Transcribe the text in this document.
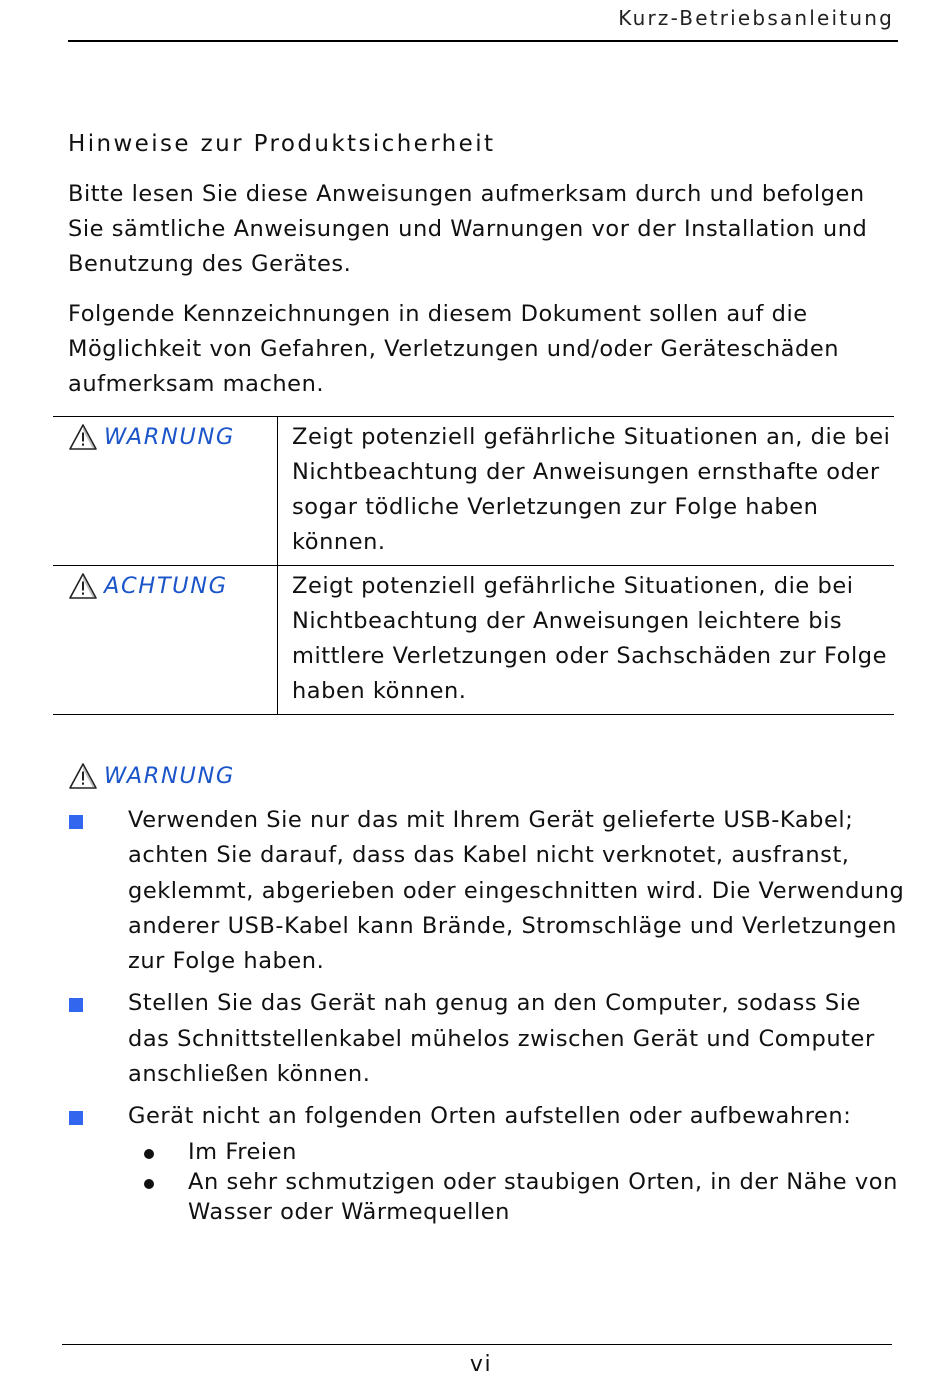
Kurz-Betriebsanleitung
Hinweise zur Produktsicherheit
Bitte lesen Sie diese Anweisungen aufmerksam durch und befolgen Sie sämtliche Anweisungen und Warnungen vor der Installation und Benutzung des Gerätes.
Folgende Kennzeichnungen in diesem Dokument sollen auf die Möglichkeit von Gefahren, Verletzungen und/oder Geräteschäden aufmerksam machen.
WARNUNG	Zeigt potenziell gefährliche Situationen an, die bei Nichtbeachtung der Anweisungen ernsthafte oder sogar tödliche Verletzungen zur Folge haben können.
ACHTUNG	Zeigt potenziell gefährliche Situationen, die bei Nichtbeachtung der Anweisungen leichtere bis mittlere Verletzungen oder Sachschäden zur Folge haben können.
WARNUNG
Verwenden Sie nur das mit Ihrem Gerät gelieferte USB-Kabel; achten Sie darauf, dass das Kabel nicht verknotet, ausfranst, geklemmt, abgerieben oder eingeschnitten wird. Die Verwendung anderer USB-Kabel kann Brände, Stromschläge und Verletzungen zur Folge haben.
Stellen Sie das Gerät nah genug an den Computer, sodass Sie das Schnittstellenkabel mühelos zwischen Gerät und Computer anschließen können.
Gerät nicht an folgenden Orten aufstellen oder aufbewahren:
Im Freien
An sehr schmutzigen oder staubigen Orten, in der Nähe von Wasser oder Wärmequellen
vi
